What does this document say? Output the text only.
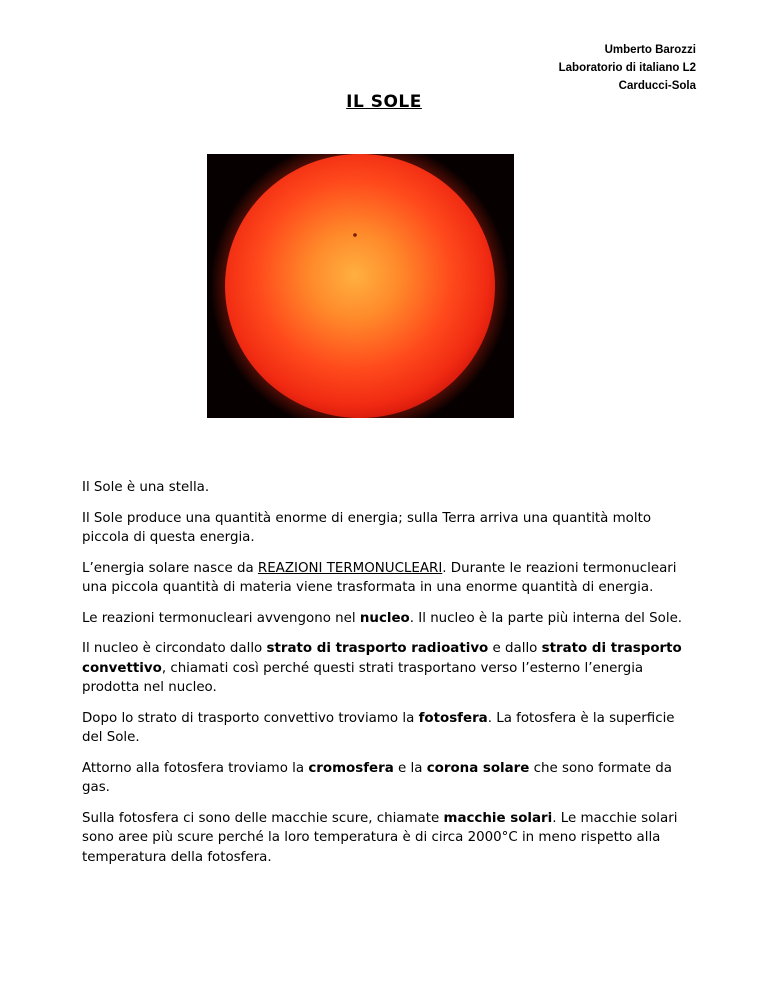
Umberto Barozzi
Laboratorio di italiano L2
Carducci-Sola
IL SOLE

Il Sole è una stella.

Il Sole produce una quantità enorme di energia; sulla Terra arriva una quantità molto piccola di questa energia.

L’energia solare nasce da REAZIONI TERMONUCLEARI. Durante le reazioni termonucleari una piccola quantità di materia viene trasformata in una enorme quantità di energia.

Le reazioni termonucleari avvengono nel nucleo. Il nucleo è la parte più interna del Sole.

Il nucleo è circondato dallo strato di trasporto radioativo e dallo strato di trasporto convettivo, chiamati così perché questi strati trasportano verso l’esterno l’energia prodotta nel nucleo.

Dopo lo strato di trasporto convettivo troviamo la fotosfera. La fotosfera è la superficie del Sole.

Attorno alla fotosfera troviamo la cromosfera e la corona solare che sono formate da gas.

Sulla fotosfera ci sono delle macchie scure, chiamate macchie solari. Le macchie solari sono aree più scure perché la loro temperatura è di circa 2000°C in meno rispetto alla temperatura della fotosfera.
